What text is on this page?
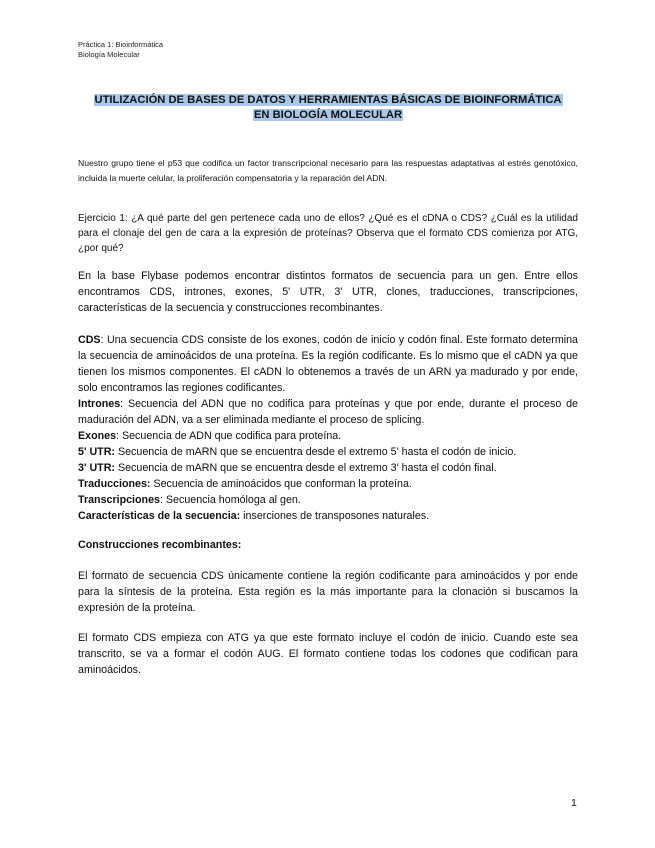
Práctica 1: Bioinformática
Biología Molecular
UTILIZACIÓN DE BASES DE DATOS Y HERRAMIENTAS BÁSICAS DE BIOINFORMÁTICA
EN BIOLOGÍA MOLECULAR
Nuestro grupo tiene el p53 que codifica un factor transcripcional necesario para las respuestas adaptativas al estrés genotóxico, incluida la muerte celular, la proliferación compensatoria y la reparación del ADN.
Ejercicio 1: ¿A qué parte del gen pertenece cada uno de ellos? ¿Qué es el cDNA o CDS? ¿Cuál es la utilidad para el clonaje del gen de cara a la expresión de proteínas? Observa que el formato CDS comienza por ATG, ¿por qué?
En la base Flybase podemos encontrar distintos formatos de secuencia para un gen. Entre ellos encontramos CDS, intrones, exones, 5' UTR, 3' UTR, clones, traducciones, transcripciones, características de la secuencia y construcciones recombinantes.
CDS: Una secuencia CDS consiste de los exones, codón de inicio y codón final. Este formato determina la secuencia de aminoácidos de una proteína. Es la región codificante. Es lo mismo que el cADN ya que tienen los mismos componentes. El cADN lo obtenemos a través de un ARN ya madurado y por ende, solo encontramos las regiones codificantes.
Intrones: Secuencia del ADN que no codifica para proteínas y que por ende, durante el proceso de maduración del ADN, va a ser eliminada mediante el proceso de splicing.
Exones: Secuencia de ADN que codifica para proteína.
5' UTR: Secuencia de mARN que se encuentra desde el extremo 5' hasta el codón de inicio.
3' UTR: Secuencia de mARN que se encuentra desde el extremo 3' hasta el codón final.
Traducciones: Secuencia de aminoácidos que conforman la proteína.
Transcripciones: Secuencia homóloga al gen.
Características de la secuencia: inserciones de transposones naturales.
Construcciones recombinantes:
El formato de secuencia CDS únicamente contiene la región codificante para aminoácidos y por ende para la síntesis de la proteína. Esta región es la más importante para la clonación si buscamos la expresión de la proteína.
El formato CDS empieza con ATG ya que este formato incluye el codón de inicio. Cuando este sea transcrito, se va a formar el codón AUG. El formato contiene todas los codones que codifican para aminoácidos.
1
